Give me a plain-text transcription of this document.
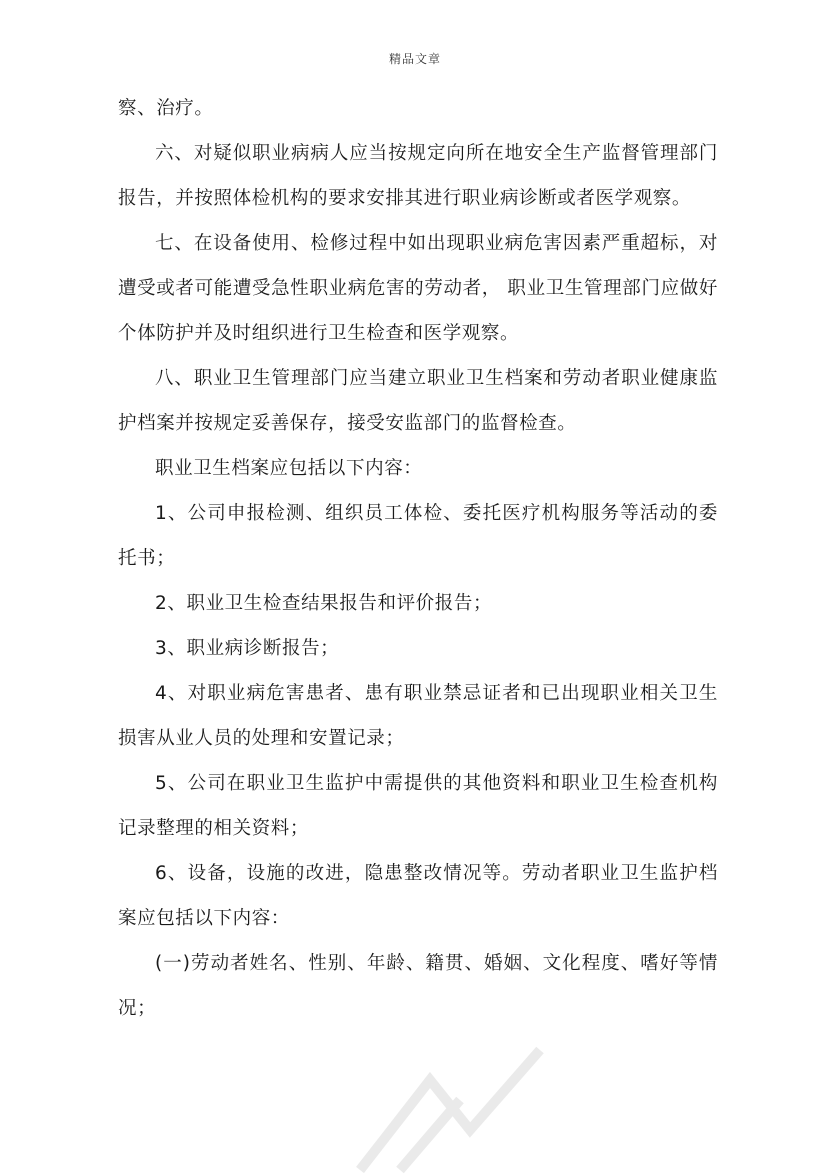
精品文章

察、治疗。

六、对疑似职业病病人应当按规定向所在地安全生产监督管理部门报告，并按照体检机构的要求安排其进行职业病诊断或者医学观察。

七、在设备使用、检修过程中如出现职业病危害因素严重超标，对遭受或者可能遭受急性职业病危害的劳动者， 职业卫生管理部门应做好个体防护并及时组织进行卫生检查和医学观察。

八、职业卫生管理部门应当建立职业卫生档案和劳动者职业健康监护档案并按规定妥善保存，接受安监部门的监督检查。

职业卫生档案应包括以下内容：

1、公司申报检测、组织员工体检、委托医疗机构服务等活动的委托书；

2、职业卫生检查结果报告和评价报告；

3、职业病诊断报告；

4、对职业病危害患者、患有职业禁忌证者和已出现职业相关卫生损害从业人员的处理和安置记录；

5、公司在职业卫生监护中需提供的其他资料和职业卫生检查机构记录整理的相关资料；

6、设备，设施的改进，隐患整改情况等。劳动者职业卫生监护档案应包括以下内容：

(一)劳动者姓名、性别、年龄、籍贯、婚姻、文化程度、嗜好等情况；
